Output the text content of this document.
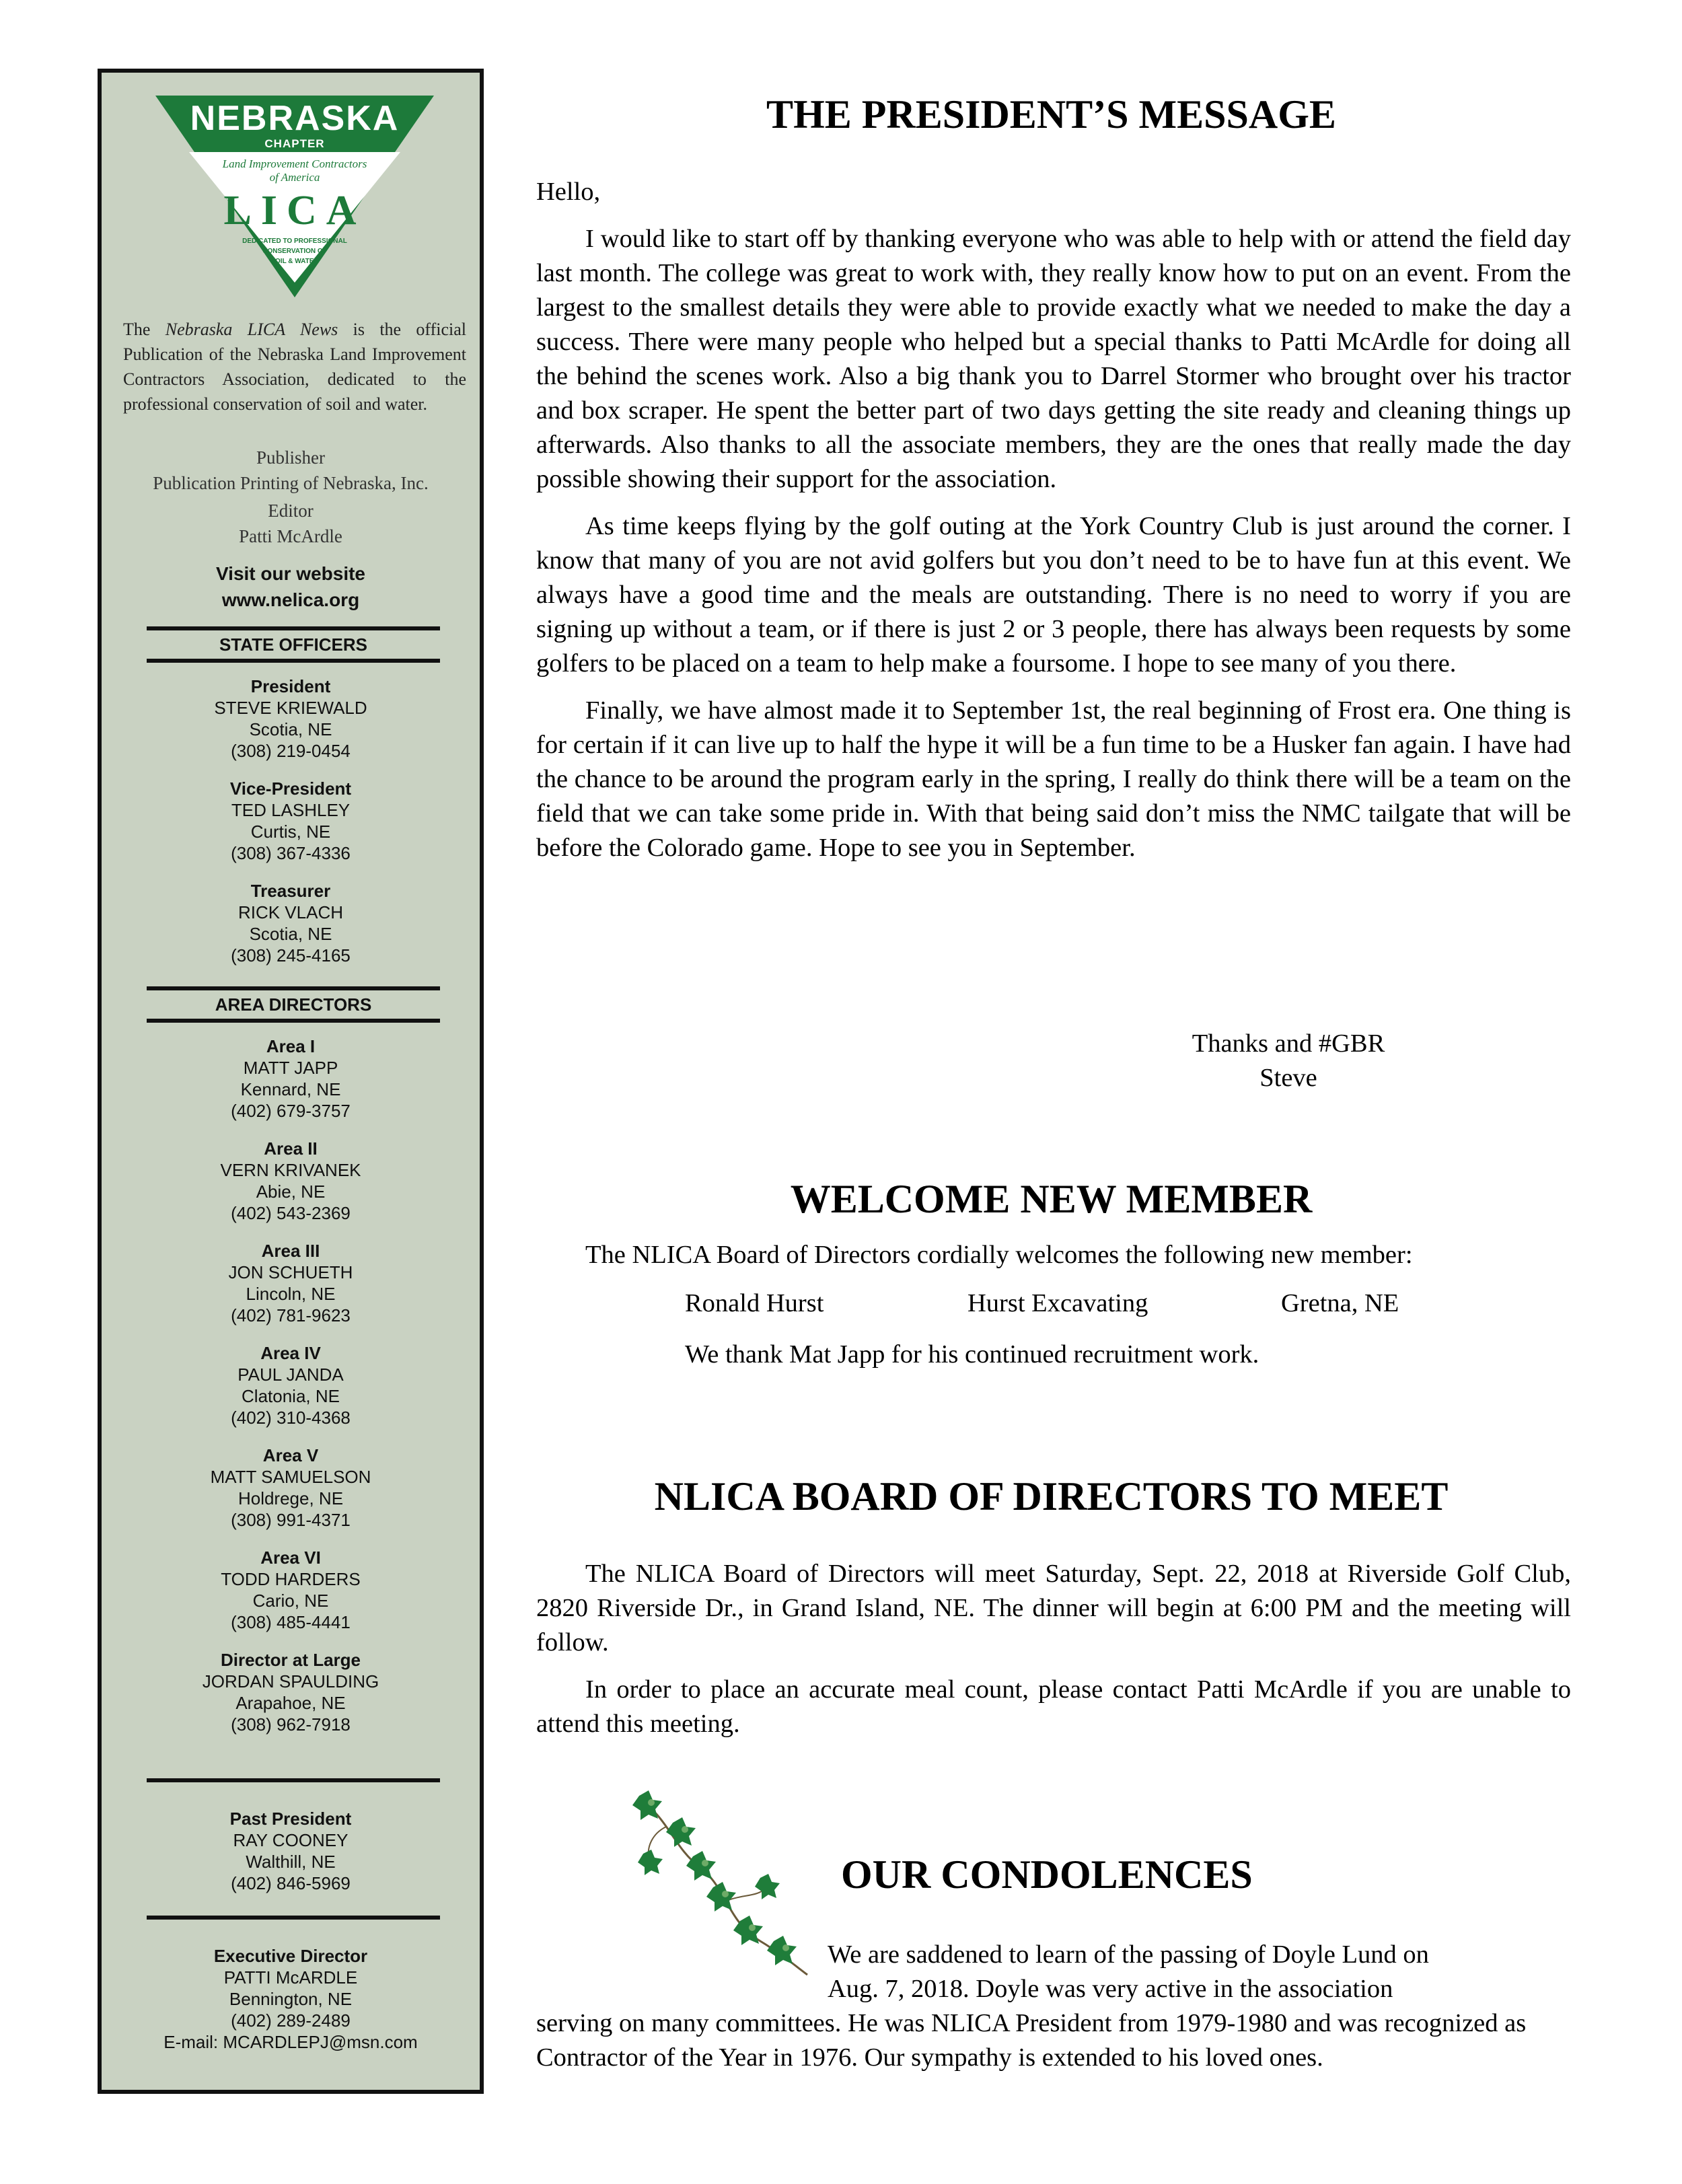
NEBRASKA
CHAPTER
Land Improvement Contractors
of America
LICA
DEDICATED TO PROFESSIONAL
CONSERVATION OF
SOIL & WATER
The Nebraska LICA News is the official Publication of the Nebraska Land Improvement Contractors Association, dedicated to the professional conservation of soil and water.
Publisher
Publication Printing of Nebraska, Inc.
Editor
Patti McArdle
Visit our website
www.nelica.org
STATE OFFICERS
President
STEVE KRIEWALD
Scotia, NE
(308) 219-0454
Vice-President
TED LASHLEY
Curtis, NE
(308) 367-4336
Treasurer
RICK VLACH
Scotia, NE
(308) 245-4165
AREA DIRECTORS
Area I
MATT JAPP
Kennard, NE
(402) 679-3757
Area II
VERN KRIVANEK
Abie, NE
(402) 543-2369
Area III
JON SCHUETH
Lincoln, NE
(402) 781-9623
Area IV
PAUL JANDA
Clatonia, NE
(402) 310-4368
Area V
MATT SAMUELSON
Holdrege, NE
(308) 991-4371
Area VI
TODD HARDERS
Cario, NE
(308) 485-4441
Director at Large
JORDAN SPAULDING
Arapahoe, NE
(308) 962-7918
Past President
RAY COONEY
Walthill, NE
(402) 846-5969
Executive Director
PATTI McARDLE
Bennington, NE
(402) 289-2489
E-mail: MCARDLEPJ@msn.com
THE PRESIDENT’S MESSAGE

Hello,

I would like to start off by thanking everyone who was able to help with or attend the field day last month. The college was great to work with, they really know how to put on an event. From the largest to the smallest details they were able to provide exactly what we needed to make the day a success. There were many people who helped but a special thanks to Patti McArdle for doing all the behind the scenes work. Also a big thank you to Darrel Stormer who brought over his tractor and box scraper. He spent the better part of two days getting the site ready and cleaning things up afterwards. Also thanks to all the associate members, they are the ones that really made the day possible showing their support for the association.

As time keeps flying by the golf outing at the York Country Club is just around the corner. I know that many of you are not avid golfers but you don’t need to be to have fun at this event. We always have a good time and the meals are outstanding. There is no need to worry if you are signing up without a team, or if there is just 2 or 3 people, there has always been requests by some golfers to be placed on a team to help make a foursome. I hope to see many of you there.

Finally, we have almost made it to September 1st, the real beginning of Frost era. One thing is for certain if it can live up to half the hype it will be a fun time to be a Husker fan again. I have had the chance to be around the program early in the spring, I really do think there will be a team on the field that we can take some pride in. With that being said don’t miss the NMC tailgate that will be before the Colorado game. Hope to see you in September.

Thanks and #GBR
Steve
WELCOME NEW MEMBER
The NLICA Board of Directors cordially welcomes the following new member:
Ronald Hurst	Hurst Excavating	Gretna, NE
We thank Mat Japp for his continued recruitment work.
NLICA BOARD OF DIRECTORS TO MEET

The NLICA Board of Directors will meet Saturday, Sept. 22, 2018 at Riverside Golf Club, 2820 Riverside Dr., in Grand Island, NE. The dinner will begin at 6:00 PM and the meeting will follow.

In order to place an accurate meal count, please contact Patti McArdle if you are unable to attend this meeting.

OUR CONDOLENCES
We are saddened to learn of the passing of Doyle Lund on
Aug. 7, 2018. Doyle was very active in the association
serving on many committees. He was NLICA President from 1979-1980 and was recognized as Contractor of the Year in 1976. Our sympathy is extended to his loved ones.
